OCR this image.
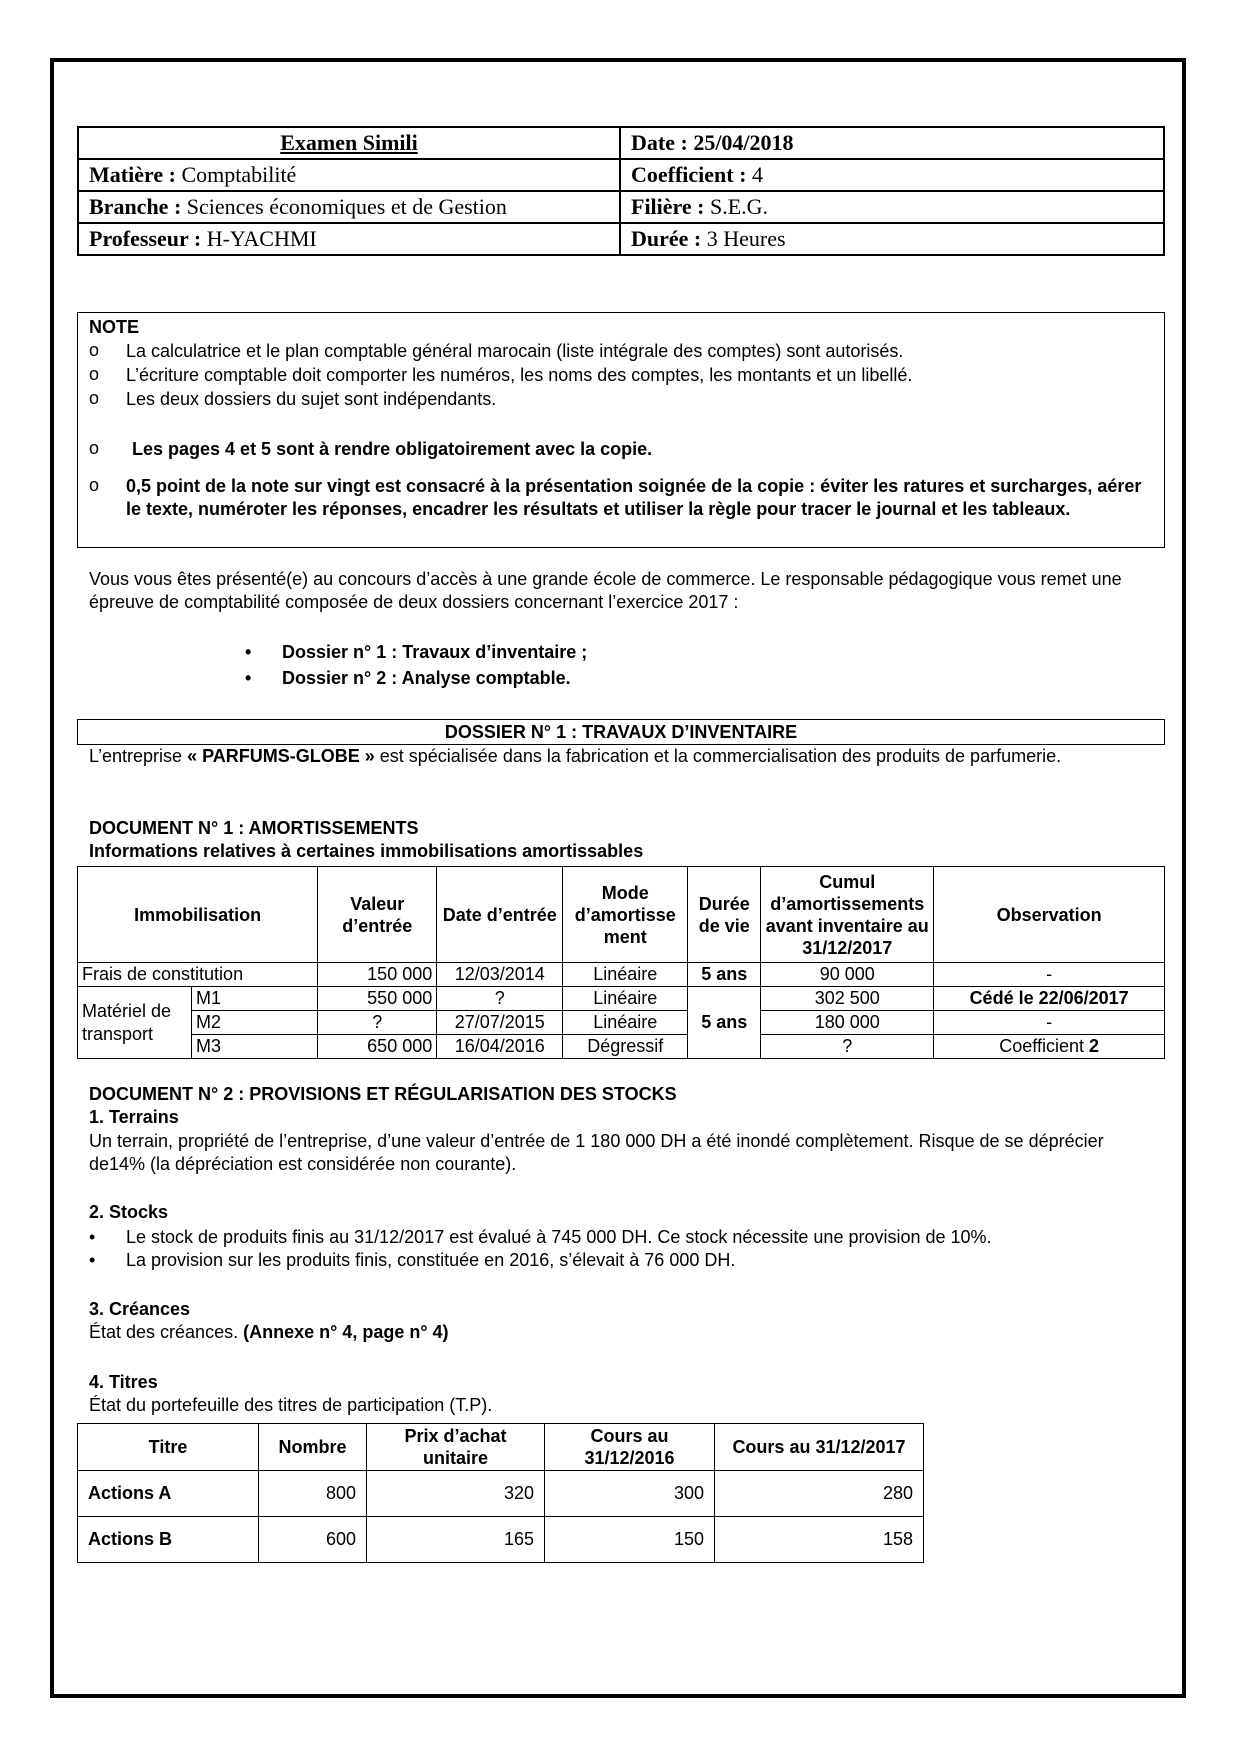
Examen Simili	Date : 25/04/2018
Matière : Comptabilité	Coefficient : 4
Branche : Sciences économiques et de Gestion	Filière : S.E.G.
Professeur : H-YACHMI	Durée : 3 Heures
NOTE
o	La calculatrice et le plan comptable général marocain (liste intégrale des comptes) sont autorisés.
o	L’écriture comptable doit comporter les numéros, les noms des comptes, les montants et un libellé.
o	Les deux dossiers du sujet sont indépendants.
o	Les pages 4 et 5 sont à rendre obligatoirement avec la copie.
o	0,5 point de la note sur vingt est consacré à la présentation soignée de la copie : éviter les ratures et surcharges, aérer le texte, numéroter les réponses, encadrer les résultats et utiliser la règle pour tracer le journal et les tableaux.
Vous vous êtes présenté(e) au concours d’accès à une grande école de commerce. Le responsable pédagogique vous remet une épreuve de comptabilité composée de deux dossiers concernant l’exercice 2017 :
• Dossier n° 1 : Travaux d’inventaire ;
• Dossier n° 2 : Analyse comptable.
DOSSIER N° 1 : TRAVAUX D’INVENTAIRE
L’entreprise « PARFUMS-GLOBE » est spécialisée dans la fabrication et la commercialisation des produits de parfumerie.
DOCUMENT N° 1 : AMORTISSEMENTS
Informations relatives à certaines immobilisations amortissables
Immobilisation		Valeur d’entrée	Date d’entrée	Mode d’amortisse ment	Durée de vie	Cumul d’amortissements avant inventaire au 31/12/2017	Observation
Frais de constitution		150 000	12/03/2014	Linéaire	5 ans	90 000	-
Matériel de transport	M1	550 000	?	Linéaire	5 ans	302 500	Cédé le 22/06/2017
	M2	?	27/07/2015	Linéaire		180 000	-
	M3	650 000	16/04/2016	Dégressif		?	Coefficient 2
DOCUMENT N° 2 : PROVISIONS ET RÉGULARISATION DES STOCKS
1. Terrains
Un terrain, propriété de l’entreprise, d’une valeur d’entrée de 1 180 000 DH a été inondé complètement. Risque de se déprécier de14% (la dépréciation est considérée non courante).
2. Stocks
• Le stock de produits finis au 31/12/2017 est évalué à 745 000 DH. Ce stock nécessite une provision de 10%.
• La provision sur les produits finis, constituée en 2016, s’élevait à 76 000 DH.
3. Créances
État des créances. (Annexe n° 4, page n° 4)
4. Titres
État du portefeuille des titres de participation (T.P).
Titre	Nombre	Prix d’achat unitaire	Cours au 31/12/2016	Cours au 31/12/2017
Actions A	800	320	300	280
Actions B	600	165	150	158
